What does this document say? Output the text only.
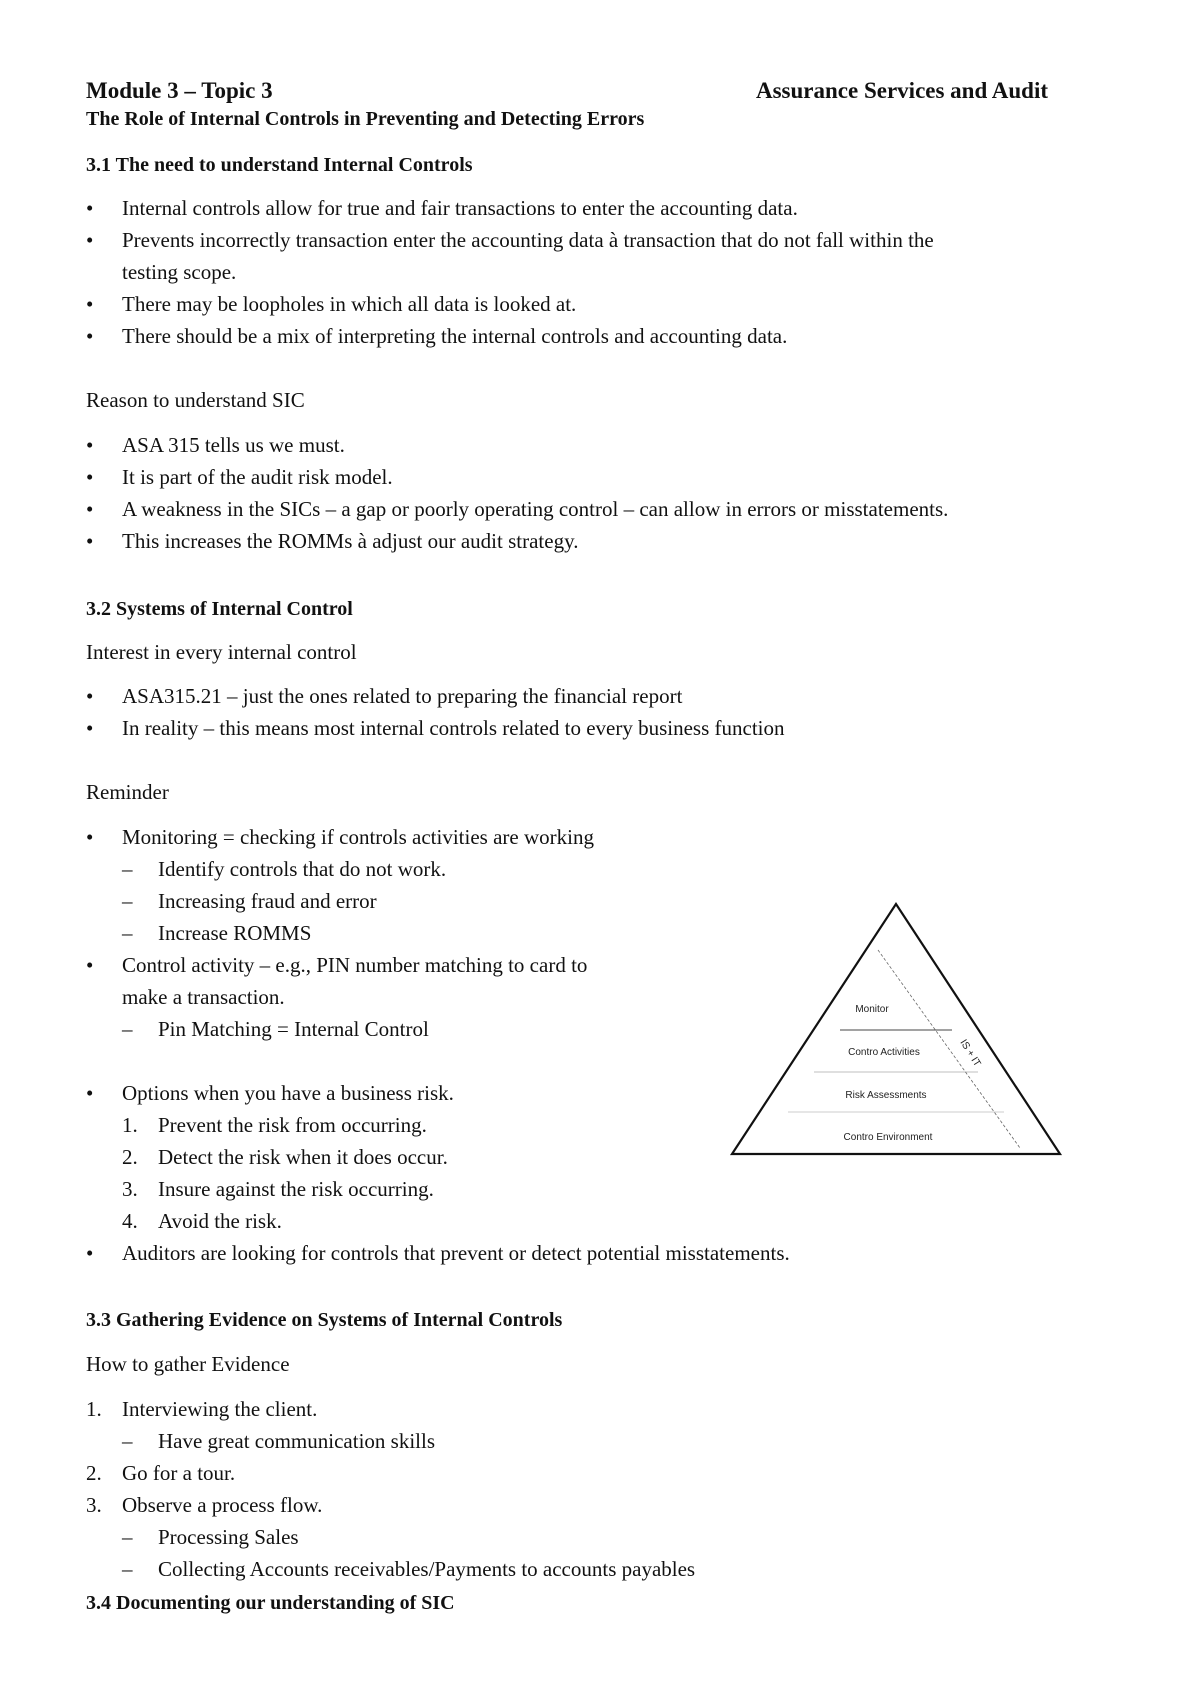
Module 3 – Topic 3	Assurance Services and Audit
The Role of Internal Controls in Preventing and Detecting Errors
3.1 The need to understand Internal Controls
• Internal controls allow for true and fair transactions to enter the accounting data.
• Prevents incorrectly transaction enter the accounting data à transaction that do not fall within the
testing scope.
• There may be loopholes in which all data is looked at.
• There should be a mix of interpreting the internal controls and accounting data.
Reason to understand SIC
• ASA 315 tells us we must.
• It is part of the audit risk model.
• A weakness in the SICs – a gap or poorly operating control – can allow in errors or misstatements.
• This increases the ROMMs à adjust our audit strategy.
3.2 Systems of Internal Control
Interest in every internal control
• ASA315.21 – just the ones related to preparing the financial report
• In reality – this means most internal controls related to every business function
Reminder
• Monitoring = checking if controls activities are working
– Identify controls that do not work.
– Increasing fraud and error
– Increase ROMMS
• Control activity – e.g., PIN number matching to card to
make a transaction.
– Pin Matching = Internal Control
• Options when you have a business risk.
1. Prevent the risk from occurring.
2. Detect the risk when it does occur.
3. Insure against the risk occurring.
4. Avoid the risk.
• Auditors are looking for controls that prevent or detect potential misstatements.
Monitor
Contro Activities
Risk Assessments
Contro Environment
IS + IT
3.3 Gathering Evidence on Systems of Internal Controls
How to gather Evidence
1. Interviewing the client.
– Have great communication skills
2. Go for a tour.
3. Observe a process flow.
– Processing Sales
– Collecting Accounts receivables/Payments to accounts payables
3.4 Documenting our understanding of SIC
